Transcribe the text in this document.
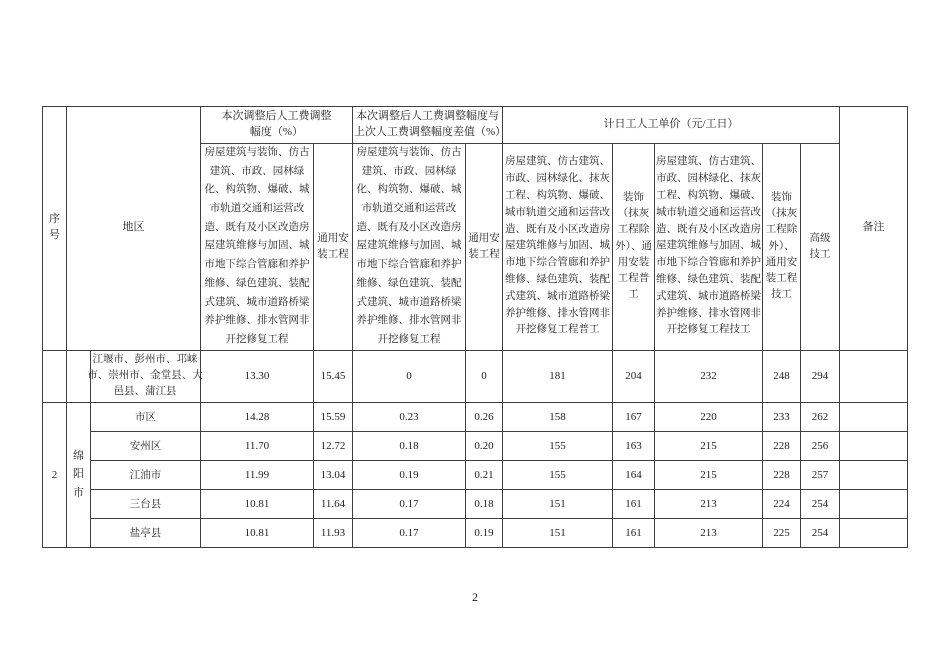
序号	地区		本次调整后人工费调整幅度（%）		本次调整后人工费调整幅度与上次人工费调整幅度差值（%）		计日工人工单价（元/工日）					备注
			房屋建筑与装饰、仿古建筑、市政、园林绿化、构筑物、爆破、城市轨道交通和运营改造、既有及小区改造房屋建筑维修与加固、城市地下综合管廊和养护维修、绿色建筑、装配式建筑、城市道路桥梁养护维修、排水管网非开挖修复工程	通用安装工程	房屋建筑与装饰、仿古建筑、市政、园林绿化、构筑物、爆破、城市轨道交通和运营改造、既有及小区改造房屋建筑维修与加固、城市地下综合管廊和养护维修、绿色建筑、装配式建筑、城市道路桥梁养护维修、排水管网非开挖修复工程	通用安装工程	房屋建筑、仿古建筑、市政、园林绿化、抹灰工程、构筑物、爆破、城市轨道交通和运营改造、既有及小区改造房屋建筑维修与加固、城市地下综合管廊和养护维修、绿色建筑、装配式建筑、城市道路桥梁养护维修、排水管网非开挖修复工程普工	装饰（抹灰工程除外）、通用安装工程普工	房屋建筑、仿古建筑、市政、园林绿化、抹灰工程、构筑物、爆破、城市轨道交通和运营改造、既有及小区改造房屋建筑维修与加固、城市地下综合管廊和养护维修、绿色建筑、装配式建筑、城市道路桥梁养护维修、排水管网非开挖修复工程技工	装饰（抹灰工程除外）、通用安装工程技工	高级技工	

		江堰市、彭州市、邛崃市、崇州市、金堂县、大邑县、蒲江县	13.30	15.45	0	0	181	204	232	248	294	
2	绵阳市	市区	14.28	15.59	0.23	0.26	158	167	220	233	262	
		安州区	11.70	12.72	0.18	0.20	155	163	215	228	256	
		江油市	11.99	13.04	0.19	0.21	155	164	215	228	257	
		三台县	10.81	11.64	0.17	0.18	151	161	213	224	254	
		盐亭县	10.81	11.93	0.17	0.19	151	161	213	225	254	
2
